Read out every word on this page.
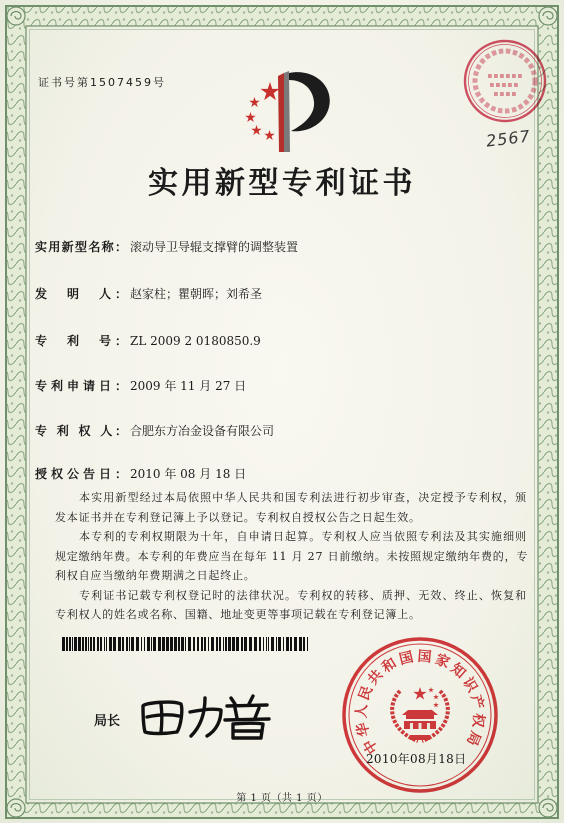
证书号第1507459号
2567
实用新型专利证书
实用新型名称： 滚动导卫导辊支撑臂的调整装置
发　明　人： 赵家柱；瞿朝晖；刘希圣
专　利　号： ZL 2009 2 0180850.9
专利申请日： 2009 年 11 月 27 日
专 利 权 人： 合肥东方冶金设备有限公司
授权公告日： 2010 年 08 月 18 日
本实用新型经过本局依照中华人民共和国专利法进行初步审查，决定授予专利权，颁
发本证书并在专利登记簿上予以登记。专利权自授权公告之日起生效。
本专利的专利权期限为十年，自申请日起算。专利权人应当依照专利法及其实施细则
规定缴纳年费。本专利的年费应当在每年 11 月 27 日前缴纳。未按照规定缴纳年费的，专
利权自应当缴纳年费期满之日起终止。
专利证书记载专利权登记时的法律状况。专利权的转移、质押、无效、终止、恢复和
专利权人的姓名或名称、国籍、地址变更等事项记载在专利登记簿上。
局长
中华人民共和国国家知识产权局
2010年08月18日
第 1 页（共 1 页）
